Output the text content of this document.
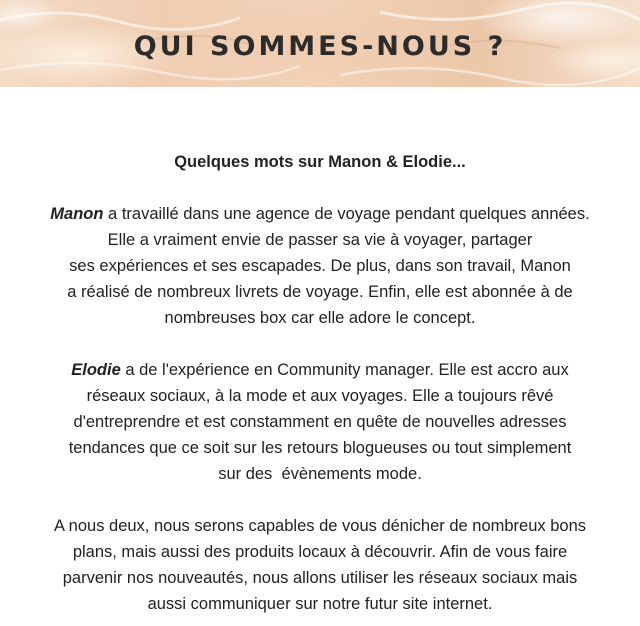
QUI SOMMES-NOUS ?
Quelques mots sur Manon & Elodie...
Manon a travaillé dans une agence de voyage pendant quelques années.
Elle a vraiment envie de passer sa vie à voyager, partager
ses expériences et ses escapades. De plus, dans son travail, Manon
a réalisé de nombreux livrets de voyage. Enfin, elle est abonnée à de
nombreuses box car elle adore le concept.
Elodie a de l'expérience en Community manager. Elle est accro aux
réseaux sociaux, à la mode et aux voyages. Elle a toujours rêvé
d'entreprendre et est constamment en quête de nouvelles adresses
tendances que ce soit sur les retours blogueuses ou tout simplement
sur des  évènements mode.
A nous deux, nous serons capables de vous dénicher de nombreux bons
plans, mais aussi des produits locaux à découvrir. Afin de vous faire
parvenir nos nouveautés, nous allons utiliser les réseaux sociaux mais
aussi communiquer sur notre futur site internet.
